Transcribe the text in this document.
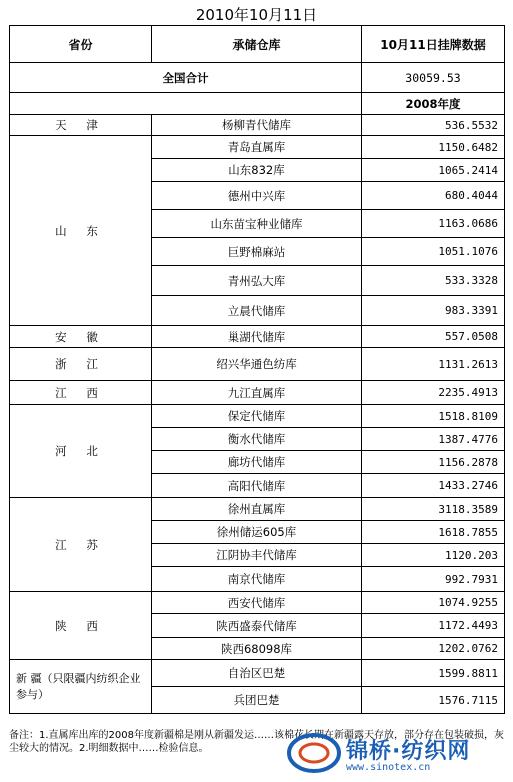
2010年10月11日
省份	承储仓库	10月11日挂牌数据
全国合计		30059.53
		2008年度
天 津	杨柳青代储库	536.5532
山 东	青岛直属库	1150.6482
	山东832库	1065.2414
	德州中兴库	680.4044
	山东苗宝种业储库	1163.0686
	巨野棉麻站	1051.1076
	青州弘大库	533.3328
	立晨代储库	983.3391
安 徽	巢湖代储库	557.0508
浙 江	绍兴华通色纺库	1131.2613
江 西	九江直属库	2235.4913
河 北	保定代储库	1518.8109
	衡水代储库	1387.4776
	廊坊代储库	1156.2878
	高阳代储库	1433.2746
江 苏	徐州直属库	3118.3589
	徐州储运605库	1618.7855
	江阴协丰代储库	1120.203
	南京代储库	992.7931
陕 西	西安代储库	1074.9255
	陕西盛泰代储库	1172.4493
	陕西68098库	1202.0762
新 疆（只限疆内纺织企业参与）	自治区巴楚	1599.8811
	兵团巴楚	1576.7115
备注：1.直属库出库的2008年度新疆棉是刚从新疆发运……该棉花长期在新疆露天存放，部分存在包装破损，灰尘较大的情况。2.明细数据中……检验信息。	锦桥·纺织网
www.sinotex.cn
